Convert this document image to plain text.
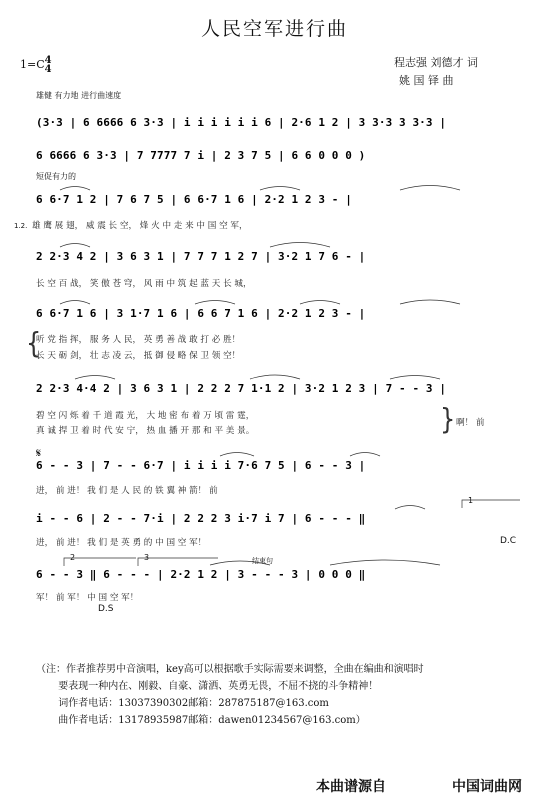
人民空军进行曲
1=C4
4
程志强 刘德才 词
姚 国 铎 曲
雄健 有力地 进行曲速度
(3·3 | 6 6666 6 3·3 | i i i i i i 6 | 2·6 1 2 | 3 3·3 3 3·3 |
6 6666 6 3·3 | 7 7777 7 i | 2 3 7 5 | 6 6 0 0 0 )
短促有力的
6 6·7 1 2 | 7 6 7 5 | 6 6·7 1 6 | 2·2 1 2 3 - |
1.2. 雄 鹰 展 翅， 威 震 长 空， 烽 火 中 走 来 中 国 空 军，
2 2·3 4 2 | 3 6 3 1 | 7 7 7 1 2 7 | 3·2 1 7 6 - |
长 空 百 战， 笑 傲 苍 穹， 风 雨 中 筑 起 蓝 天 长 城，
6 6·7 1 6 | 3 1·7 1 6 | 6 6 7 1 6 | 2·2 1 2 3 - |
{
听 党 指 挥， 服 务 人 民， 英 勇 善 战 敢 打 必 胜！
长 天 砺 剑， 壮 志 凌 云， 抵 御 侵 略 保 卫 领 空！
2 2·3 4·4 2 | 3 6 3 1 | 2 2 2 7 1·1 2 | 3·2 1 2 3 | 7 - - 3 |
碧 空 闪 烁 着 千 道 霞 光， 大 地 密 布 着 万 顷 雷 霆，
真 诚 捍 卫 着 时 代 安 宁， 热 血 播 开 那 和 平 美 景。	} 啊！ 前
𝄋
6 - - 3 | 7 - - 6·7 | i i i i 7·6 7 5 | 6 - - 3 |
进， 前 进！ 我 们 是 人 民 的 铁 翼 神 箭！ 前
1
i - - 6 | 2 - - 7·i | 2 2 2 3 i·7 i 7 | 6 - - - ‖
进， 前 进！ 我 们 是 英 勇 的 中 国 空 军！	D.C
2	3	结束句
6 - - 3 ‖ 6 - - - | 2·2 1 2 | 3 - - - 3 | 0 0 0 ‖
军！ 前 军！ 中 国 空 军！
D.S

（注：作者推荐男中音演唱，key高可以根据歌手实际需要来调整，全曲在编曲和演唱时
要表现一种内在、刚毅、自豪、潇洒、英勇无畏，不屈不挠的斗争精神！
词作者电话：13037390302邮箱：287875187@163.com
曲作者电话：13178935987邮箱：dawen01234567@163.com）

本曲谱源自	中国词曲网
